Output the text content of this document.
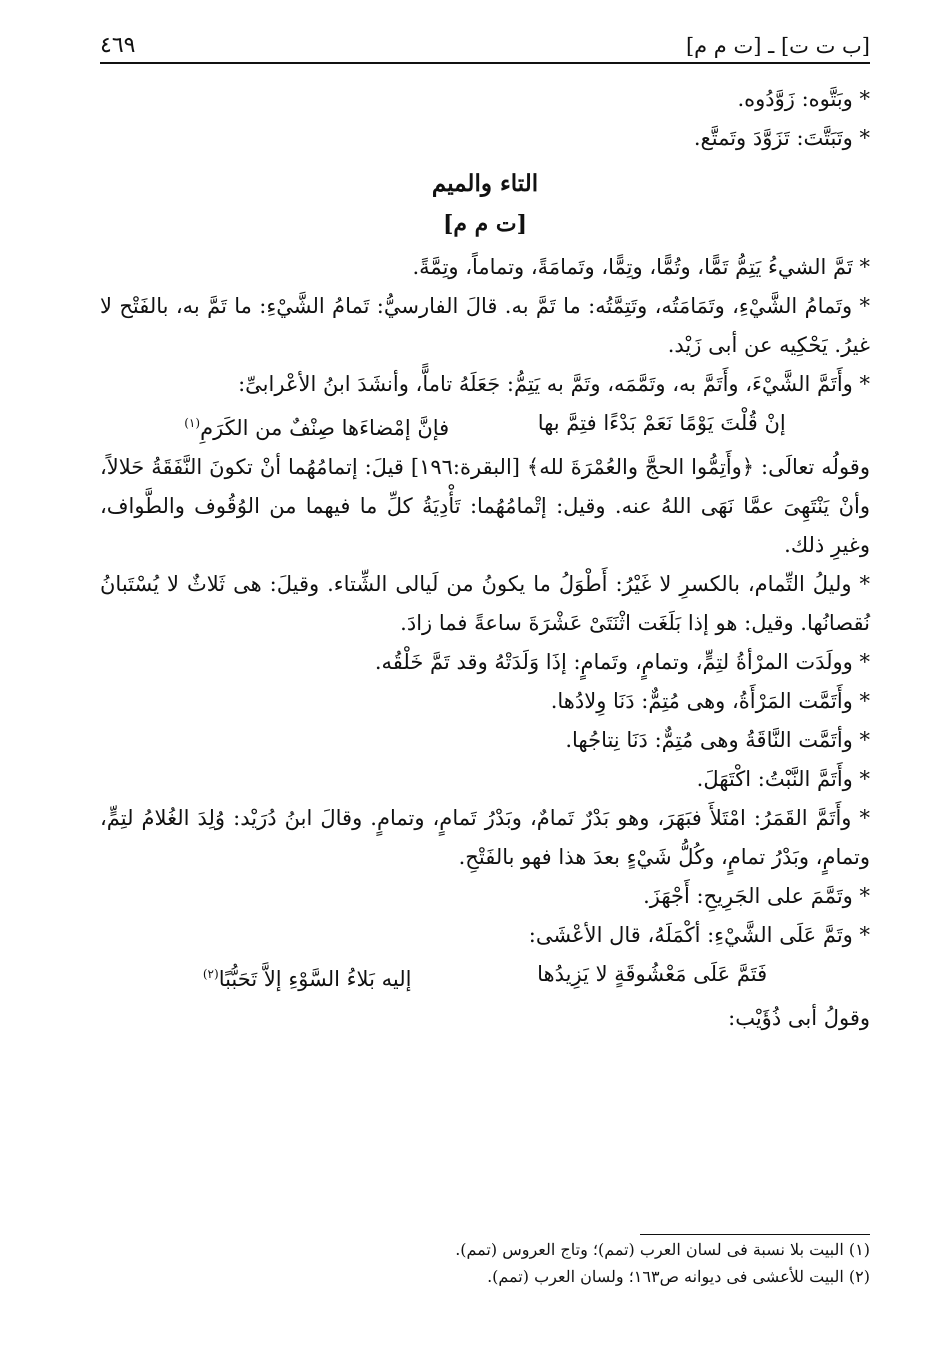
[ب ت ت] ـ [ت م م]
٤٦٩

* وبَتَّوه: زَوَّدُوه.

* وتَبَتَّتَ: تَزَوَّدَ وتَمتَّع.

التاء والميم
[ت م م]

* تَمَّ الشيءُ يَتِمُّ تَمًّا، وتُمًّا، وتِمًّا، وتَمامَةً، وتماماً، وتِمَّةً.

* وتَمامُ الشَّيْءِ، وتَمَامَتُه، وتَتِمَّتُه: ما تَمَّ به. قالَ الفارسيُّ: تَمامُ الشَّيْءِ: ما تَمَّ به، بالفَتْح لا غيرُ. يَحْكِيه عن أبى زَيْد.

* وأَتَمَّ الشَّيْءَ، وأَتَمَّ به، وتَمَّمَه، وتَمَّ به يَتِمُّ: جَعَلَهُ تاماًّ، وأنشَدَ ابنُ الأعْرابىِّ:

إنْ قُلْتَ يَوْمًا نَعَمْ بَدْءًا فتِمَّ بها
فإنَّ إمْضاءَها صِنْفٌ من الكَرَمِ$^{(١)}$

وقولُه تعالَى: ﴿وأَتِمُّوا الحجَّ والعُمْرَةَ لله﴾ [البقرة:١٩٦] قيلَ: إتمامُهُما أنْ تكونَ النَّفَقَةُ حَلالاً، وأنْ يَنْتَهِىَ عمَّا نَهَى اللهُ عنه. وقيل: إتْمامُهُما: تَأْدِيَةُ كلِّ ما فيهما من الوُقُوف والطَّواف، وغيرِ ذلك.

* وليلُ التِّمام، بالكسرِ لا غَيْرُ: أَطْوَلُ ما يكونُ من لَيالى الشِّتاء. وقيلَ: هى ثَلاثٌ لا يُسْتَبانُ نُقصانُها. وقيل: هو إذا بَلَغَت اثْنَتَىْ عَشْرَةَ ساعةً فما زادَ.

* وولَدَت المرْأةُ لتِمٍّ، وتمامٍ، وتَمامٍ: إذَا وَلَدَتْهُ وقد تَمَّ خَلْقُه.

* وأَتَمَّت المَرْأَةُ، وهى مُتِمٌّ: دَنَا وِلادُها.

* وأتَمَّت النَّاقَةُ وهى مُتِمٌّ: دَنَا نِتاجُها.

* وأَتَمَّ النَّبْتُ: اكْتَهَلَ.

* وأَتَمَّ القَمَرُ: امْتَلأَ فبَهَرَ، وهو بَدْرٌ تَمامٌ، وبَدْرُ تَمامٍ، وتمامٍ. وقالَ ابنُ دُرَيْد: وُلِدَ الغُلامُ لتِمٍّ، وتمامٍ، وبَدْرُ تمامٍ، وكُلُّ شَيْءٍ بعدَ هذا فهو بالفَتْحِ.

* وتَمَّمَ على الجَرِيحِ: أَجْهَزَ.

* وتَمَّ عَلَى الشَّيْءِ: أكْمَلَهُ، قال الأعْشَى:

فَتَمَّ عَلَى مَعْشُوقَةٍ لا يَزِيدُها
إليه بَلاءُ السَّوْءِ إلاَّ تَحَبُّبًا$^{(٢)}$

وقولُ أبى ذُؤَيْب:

(١) البيت بلا نسبة فى لسان العرب (تمم)؛ وتاج العروس (تمم).
(٢) البيت للأعشى فى ديوانه ص١٦٣؛ ولسان العرب (تمم).
